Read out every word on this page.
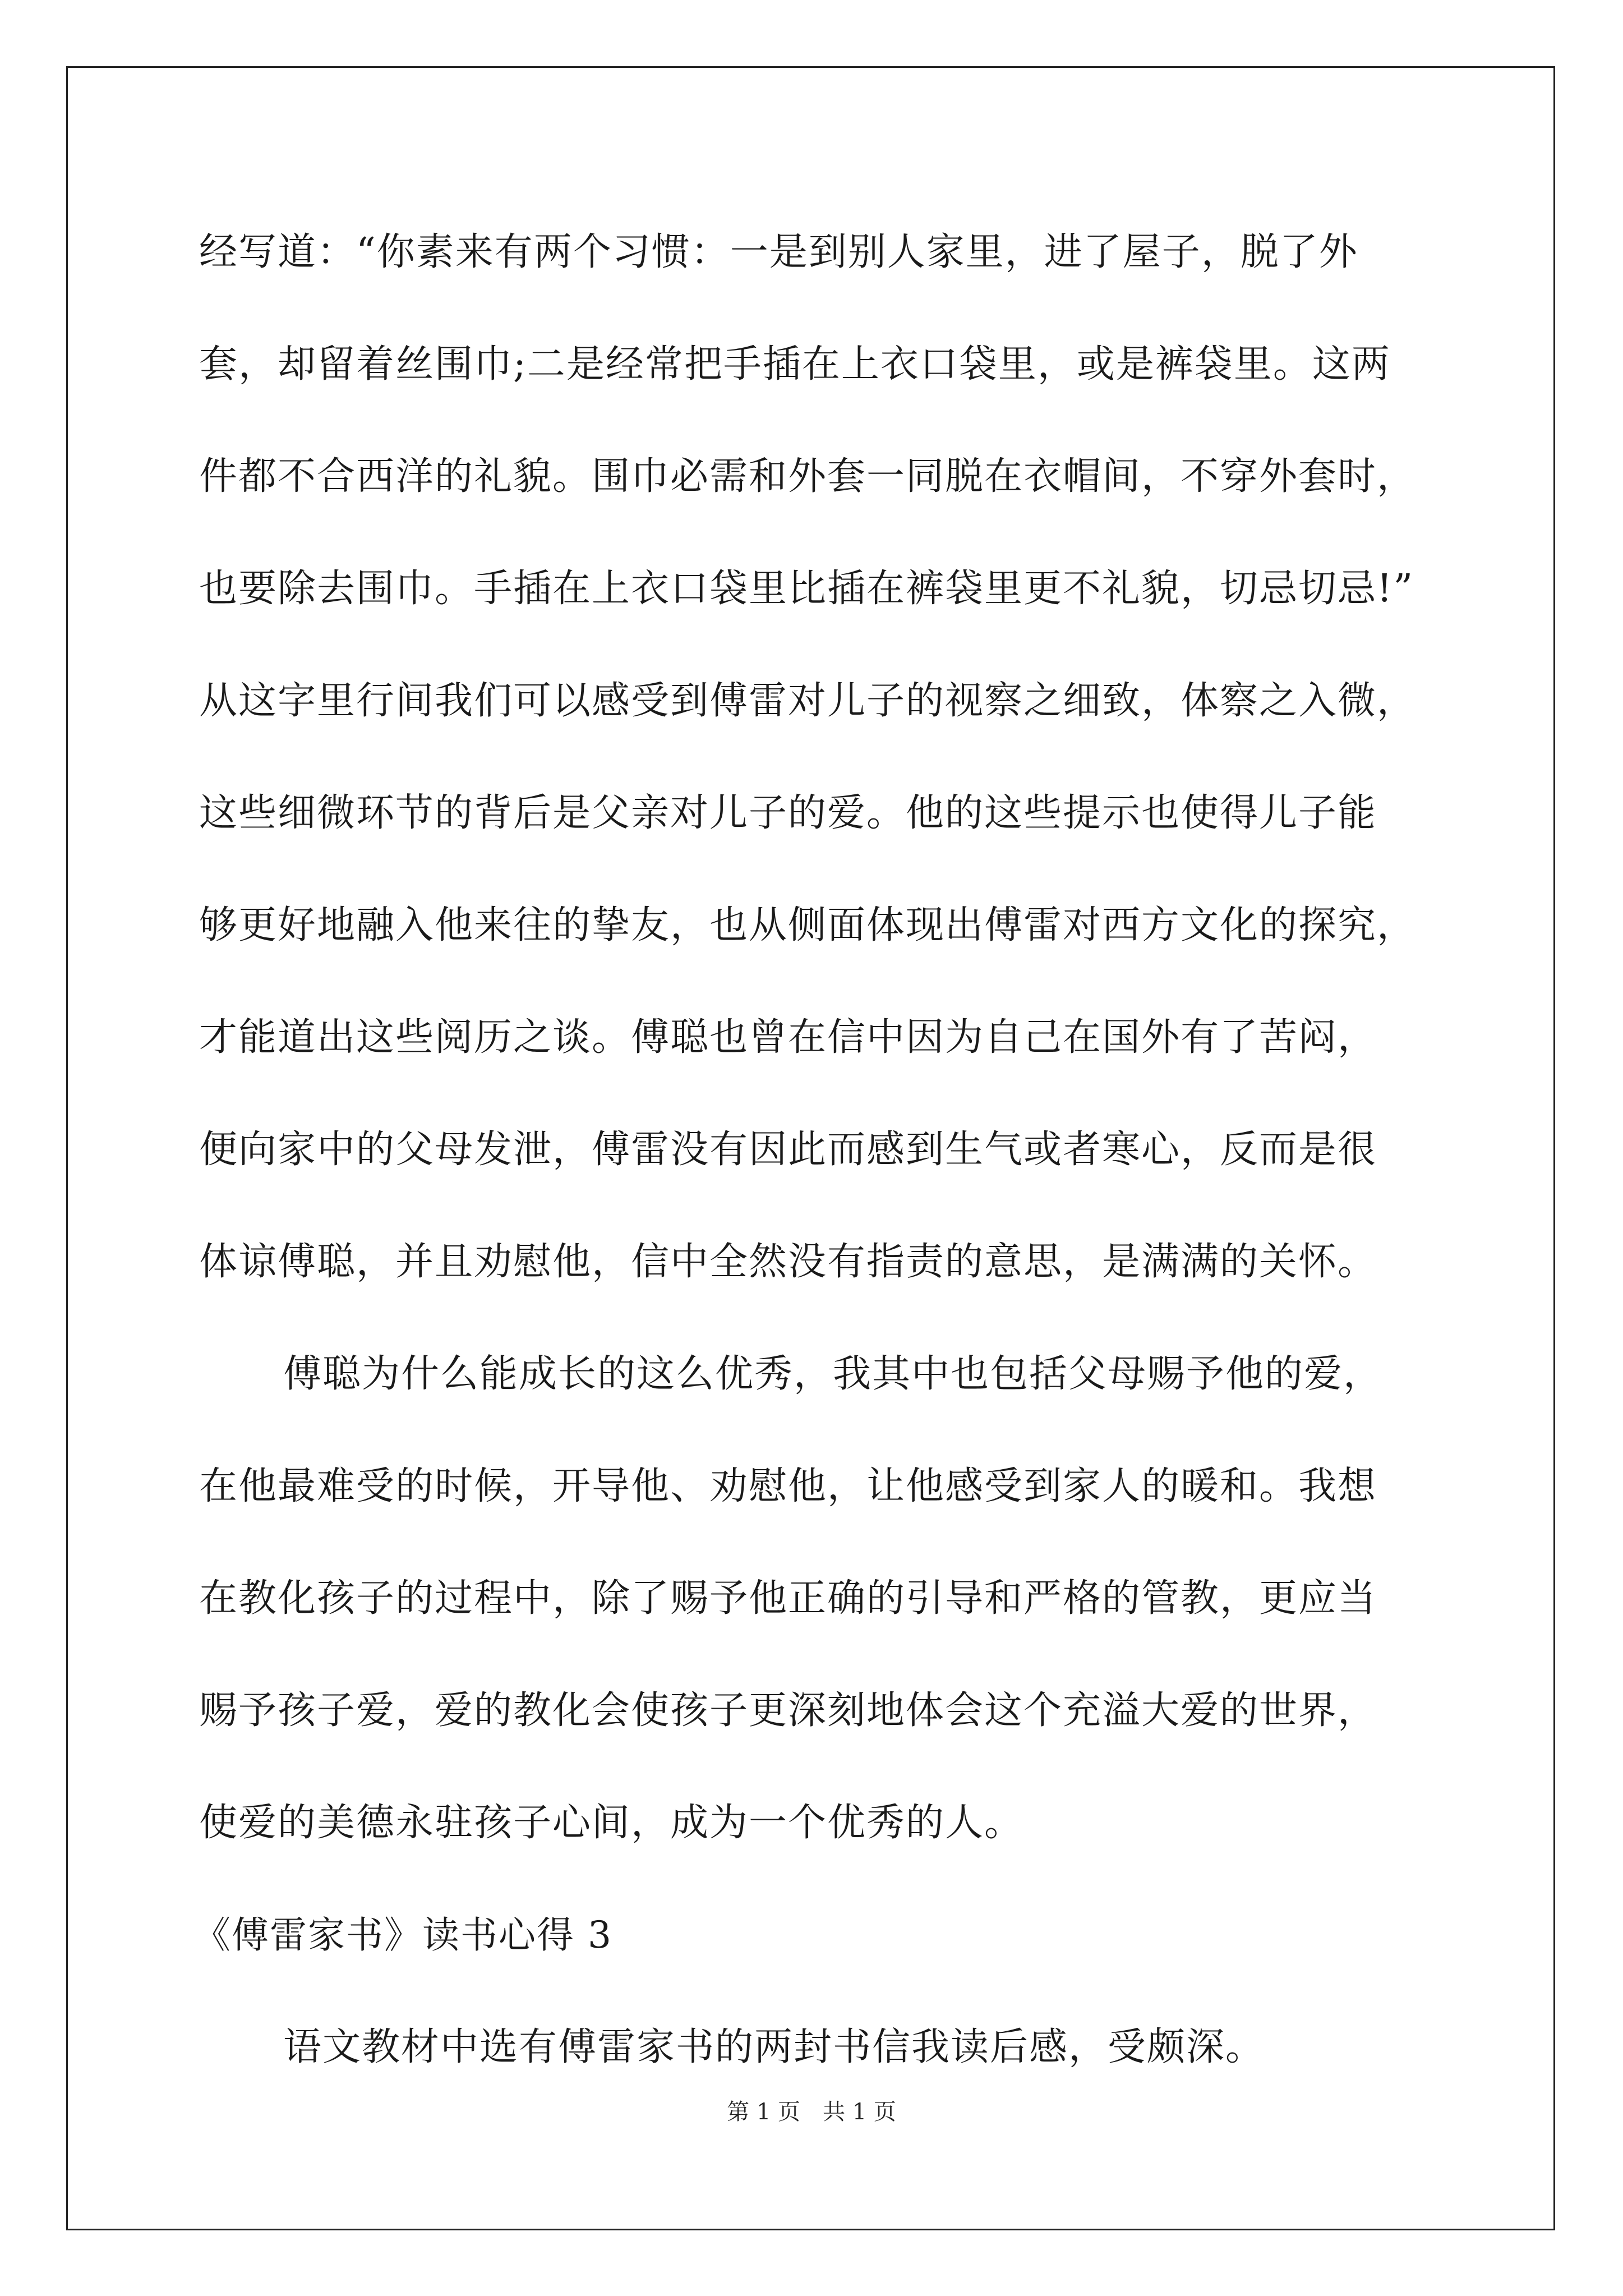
经写道：“你素来有两个习惯：一是到别人家里，进了屋子，脱了外
套，却留着丝围巾;二是经常把手插在上衣口袋里，或是裤袋里。这两
件都不合西洋的礼貌。围巾必需和外套一同脱在衣帽间，不穿外套时，
也要除去围巾。手插在上衣口袋里比插在裤袋里更不礼貌，切忌切忌!”
从这字里行间我们可以感受到傅雷对儿子的视察之细致，体察之入微，
这些细微环节的背后是父亲对儿子的爱。他的这些提示也使得儿子能
够更好地融入他来往的挚友，也从侧面体现出傅雷对西方文化的探究，
才能道出这些阅历之谈。傅聪也曾在信中因为自己在国外有了苦闷，
便向家中的父母发泄，傅雷没有因此而感到生气或者寒心，反而是很
体谅傅聪，并且劝慰他，信中全然没有指责的意思，是满满的关怀。
傅聪为什么能成长的这么优秀，我其中也包括父母赐予他的爱，
在他最难受的时候，开导他、劝慰他，让他感受到家人的暖和。我想
在教化孩子的过程中，除了赐予他正确的引导和严格的管教，更应当
赐予孩子爱，爱的教化会使孩子更深刻地体会这个充溢大爱的世界，
使爱的美德永驻孩子心间，成为一个优秀的人。
《傅雷家书》读书心得 3
语文教材中选有傅雷家书的两封书信我读后感，受颇深。
第 1 页　共 1 页
